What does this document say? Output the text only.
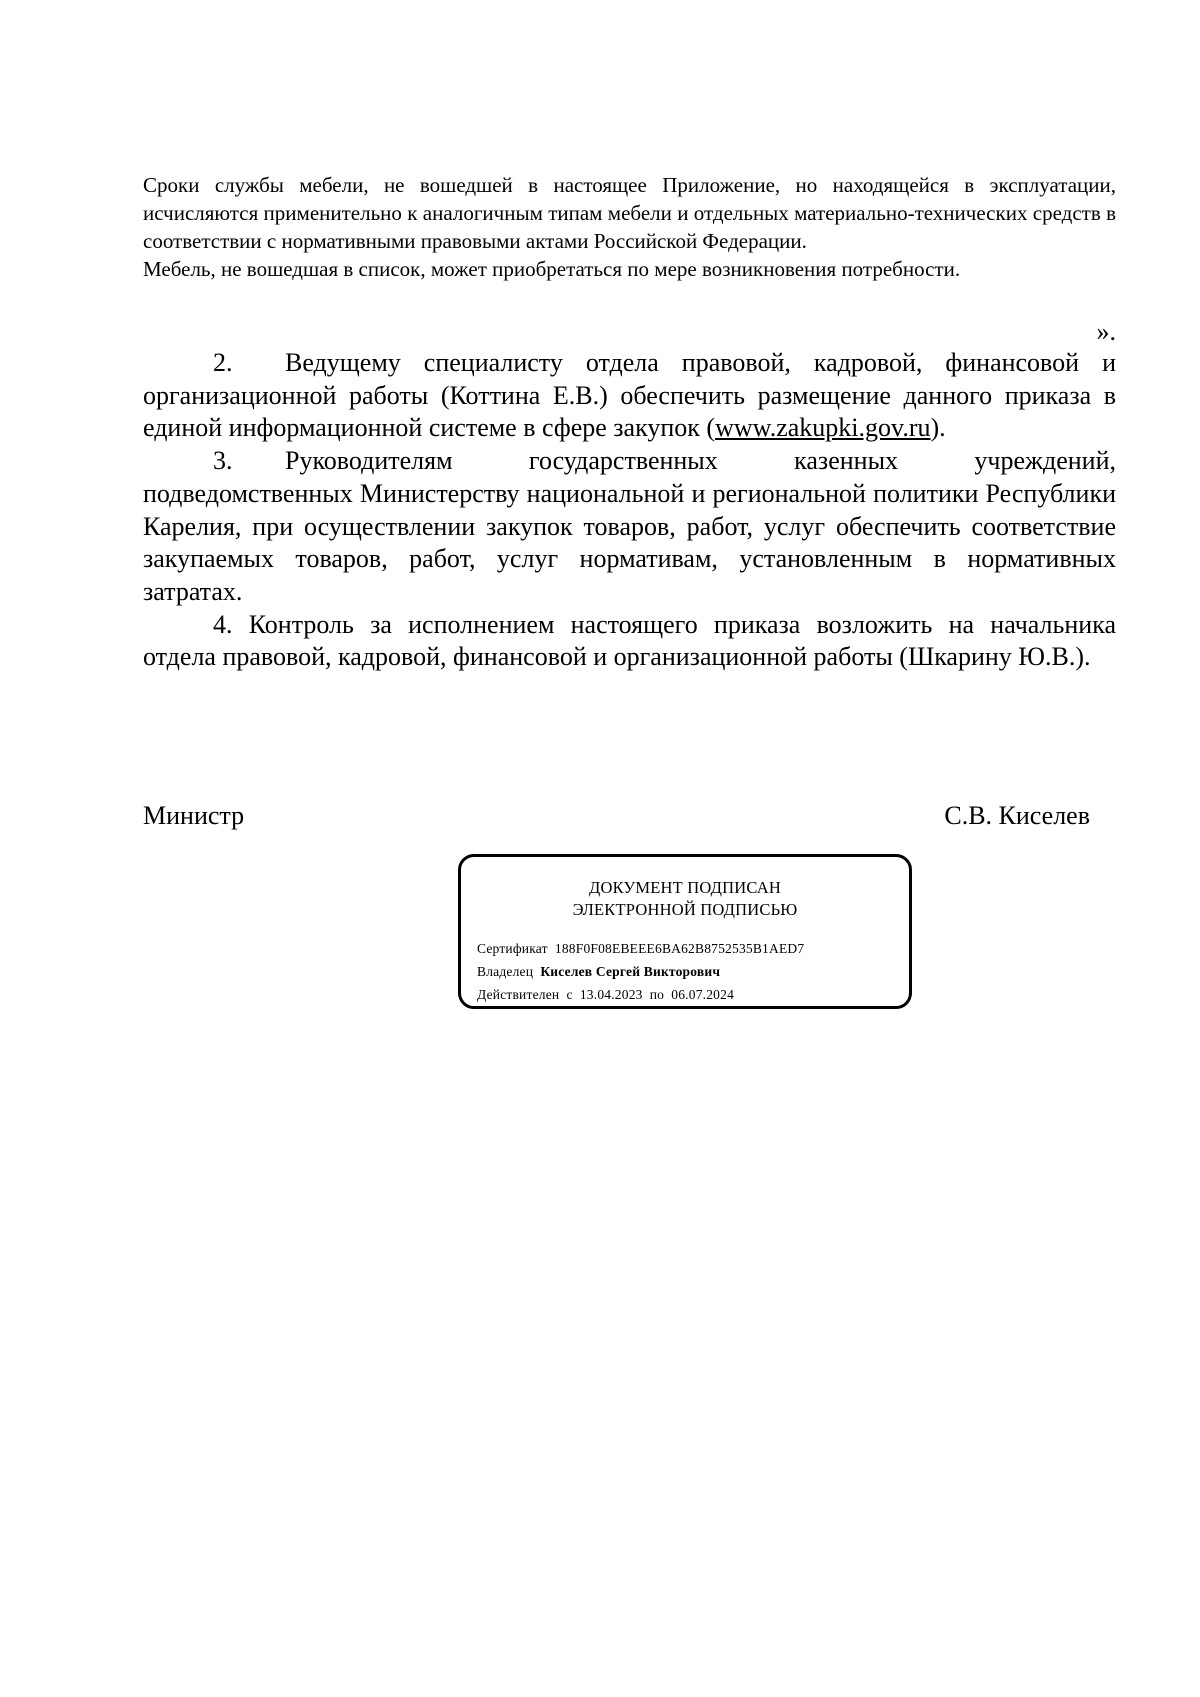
Сроки службы мебели, не вошедшей в настоящее Приложение, но находящейся в эксплуатации, исчисляются применительно к аналогичным типам мебели и отдельных материально-технических средств в соответствии с нормативными правовыми актами Российской Федерации.

Мебель, не вошедшая в список, может приобретаться по мере возникновения потребности.

».

2. Ведущему специалисту отдела правовой, кадровой, финансовой и организационной работы (Коттина Е.В.) обеспечить размещение данного приказа в единой информационной системе в сфере закупок (www.zakupki.gov.ru).

3. Руководителям государственных казенных учреждений, подведомственных Министерству национальной и региональной политики Республики Карелия, при осуществлении закупок товаров, работ, услуг обеспечить соответствие закупаемых товаров, работ, услуг нормативам, установленным в нормативных затратах.

4. Контроль за исполнением настоящего приказа возложить на начальника отдела правовой, кадровой, финансовой и организационной работы (Шкарину Ю.В.).

Министр	С.В. Киселев
ДОКУМЕНТ ПОДПИСАН
ЭЛЕКТРОННОЙ ПОДПИСЬЮ
Сертификат 188F0F08EBEEE6BA62B8752535B1AED7
Владелец Киселев Сергей Викторович
Действителен с 13.04.2023 по 06.07.2024
